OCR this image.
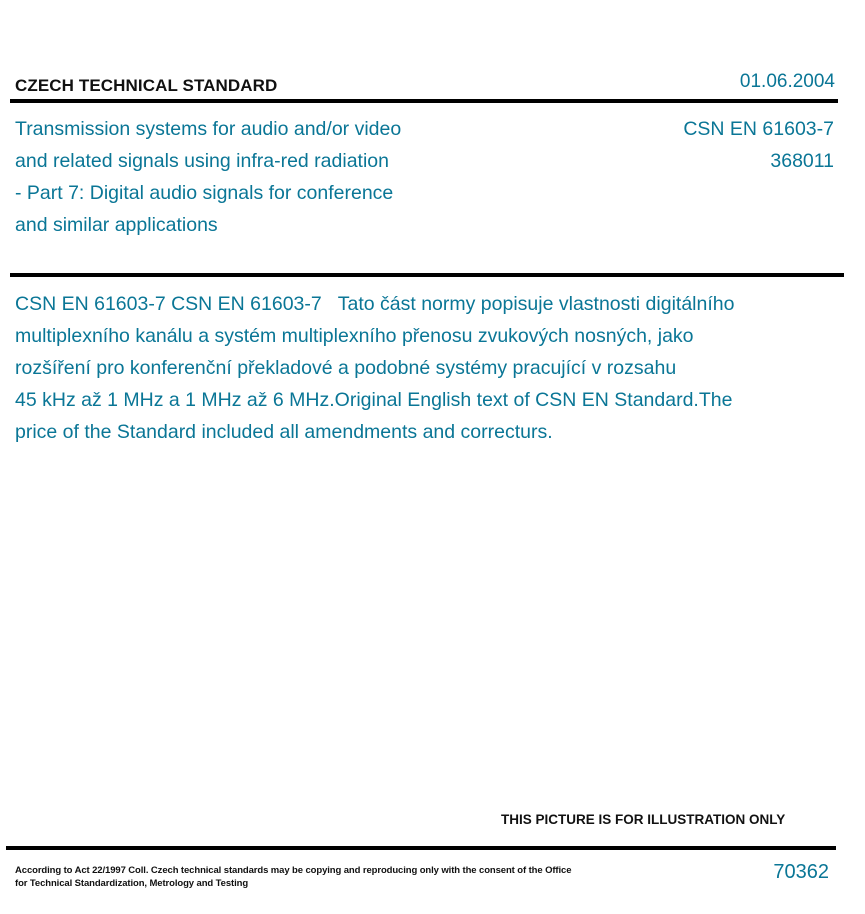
CZECH TECHNICAL STANDARD	01.06.2004
Transmission systems for audio and/or video
and related signals using infra-red radiation
- Part 7: Digital audio signals for conference
and similar applications
CSN EN 61603-7
368011
CSN EN 61603-7 CSN EN 61603-7 Tato část normy popisuje vlastnosti digitálního
multiplexního kanálu a systém multiplexního přenosu zvukových nosných, jako
rozšíření pro konferenční překladové a podobné systémy pracující v rozsahu
45 kHz až 1 MHz a 1 MHz až 6 MHz.Original English text of CSN EN Standard.The
price of the Standard included all amendments and correcturs.
THIS PICTURE IS FOR ILLUSTRATION ONLY
According to Act 22/1997 Coll. Czech technical standards may be copying and reproducing only with the consent of the Office
for Technical Standardization, Metrology and Testing
70362
